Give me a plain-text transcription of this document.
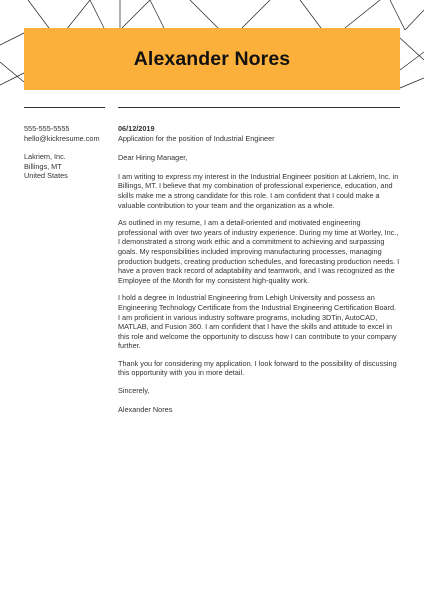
Alexander Nores
555-555-5555
hello@kickresume.com
Lakriem, Inc.
Billings, MT
United States
06/12/2019

Application for the position of Industrial Engineer

Dear Hiring Manager,

I am writing to express my interest in the Industrial Engineer position at Lakriem, Inc. in Billings, MT. I believe that my combination of professional experience, education, and skills make me a strong candidate for this role. I am confident that I could make a valuable contribution to your team and the organization as a whole.

As outlined in my resume, I am a detail-oriented and motivated engineering professional with over two years of industry experience. During my time at Worley, Inc., I demonstrated a strong work ethic and a commitment to achieving and surpassing goals. My responsibilities included improving manufacturing processes, managing production budgets, creating production schedules, and forecasting production needs. I have a proven track record of adaptability and teamwork, and I was recognized as the Employee of the Month for my consistent high-quality work.

I hold a degree in Industrial Engineering from Lehigh University and possess an Engineering Technology Certificate from the Industrial Engineering Certification Board. I am proficient in various industry software programs, including 3DTin, AutoCAD, MATLAB, and Fusion 360. I am confident that I have the skills and attitude to excel in this role and welcome the opportunity to discuss how I can contribute to your company further.

Thank you for considering my application. I look forward to the possibility of discussing this opportunity with you in more detail.

Sincerely,

Alexander Nores
